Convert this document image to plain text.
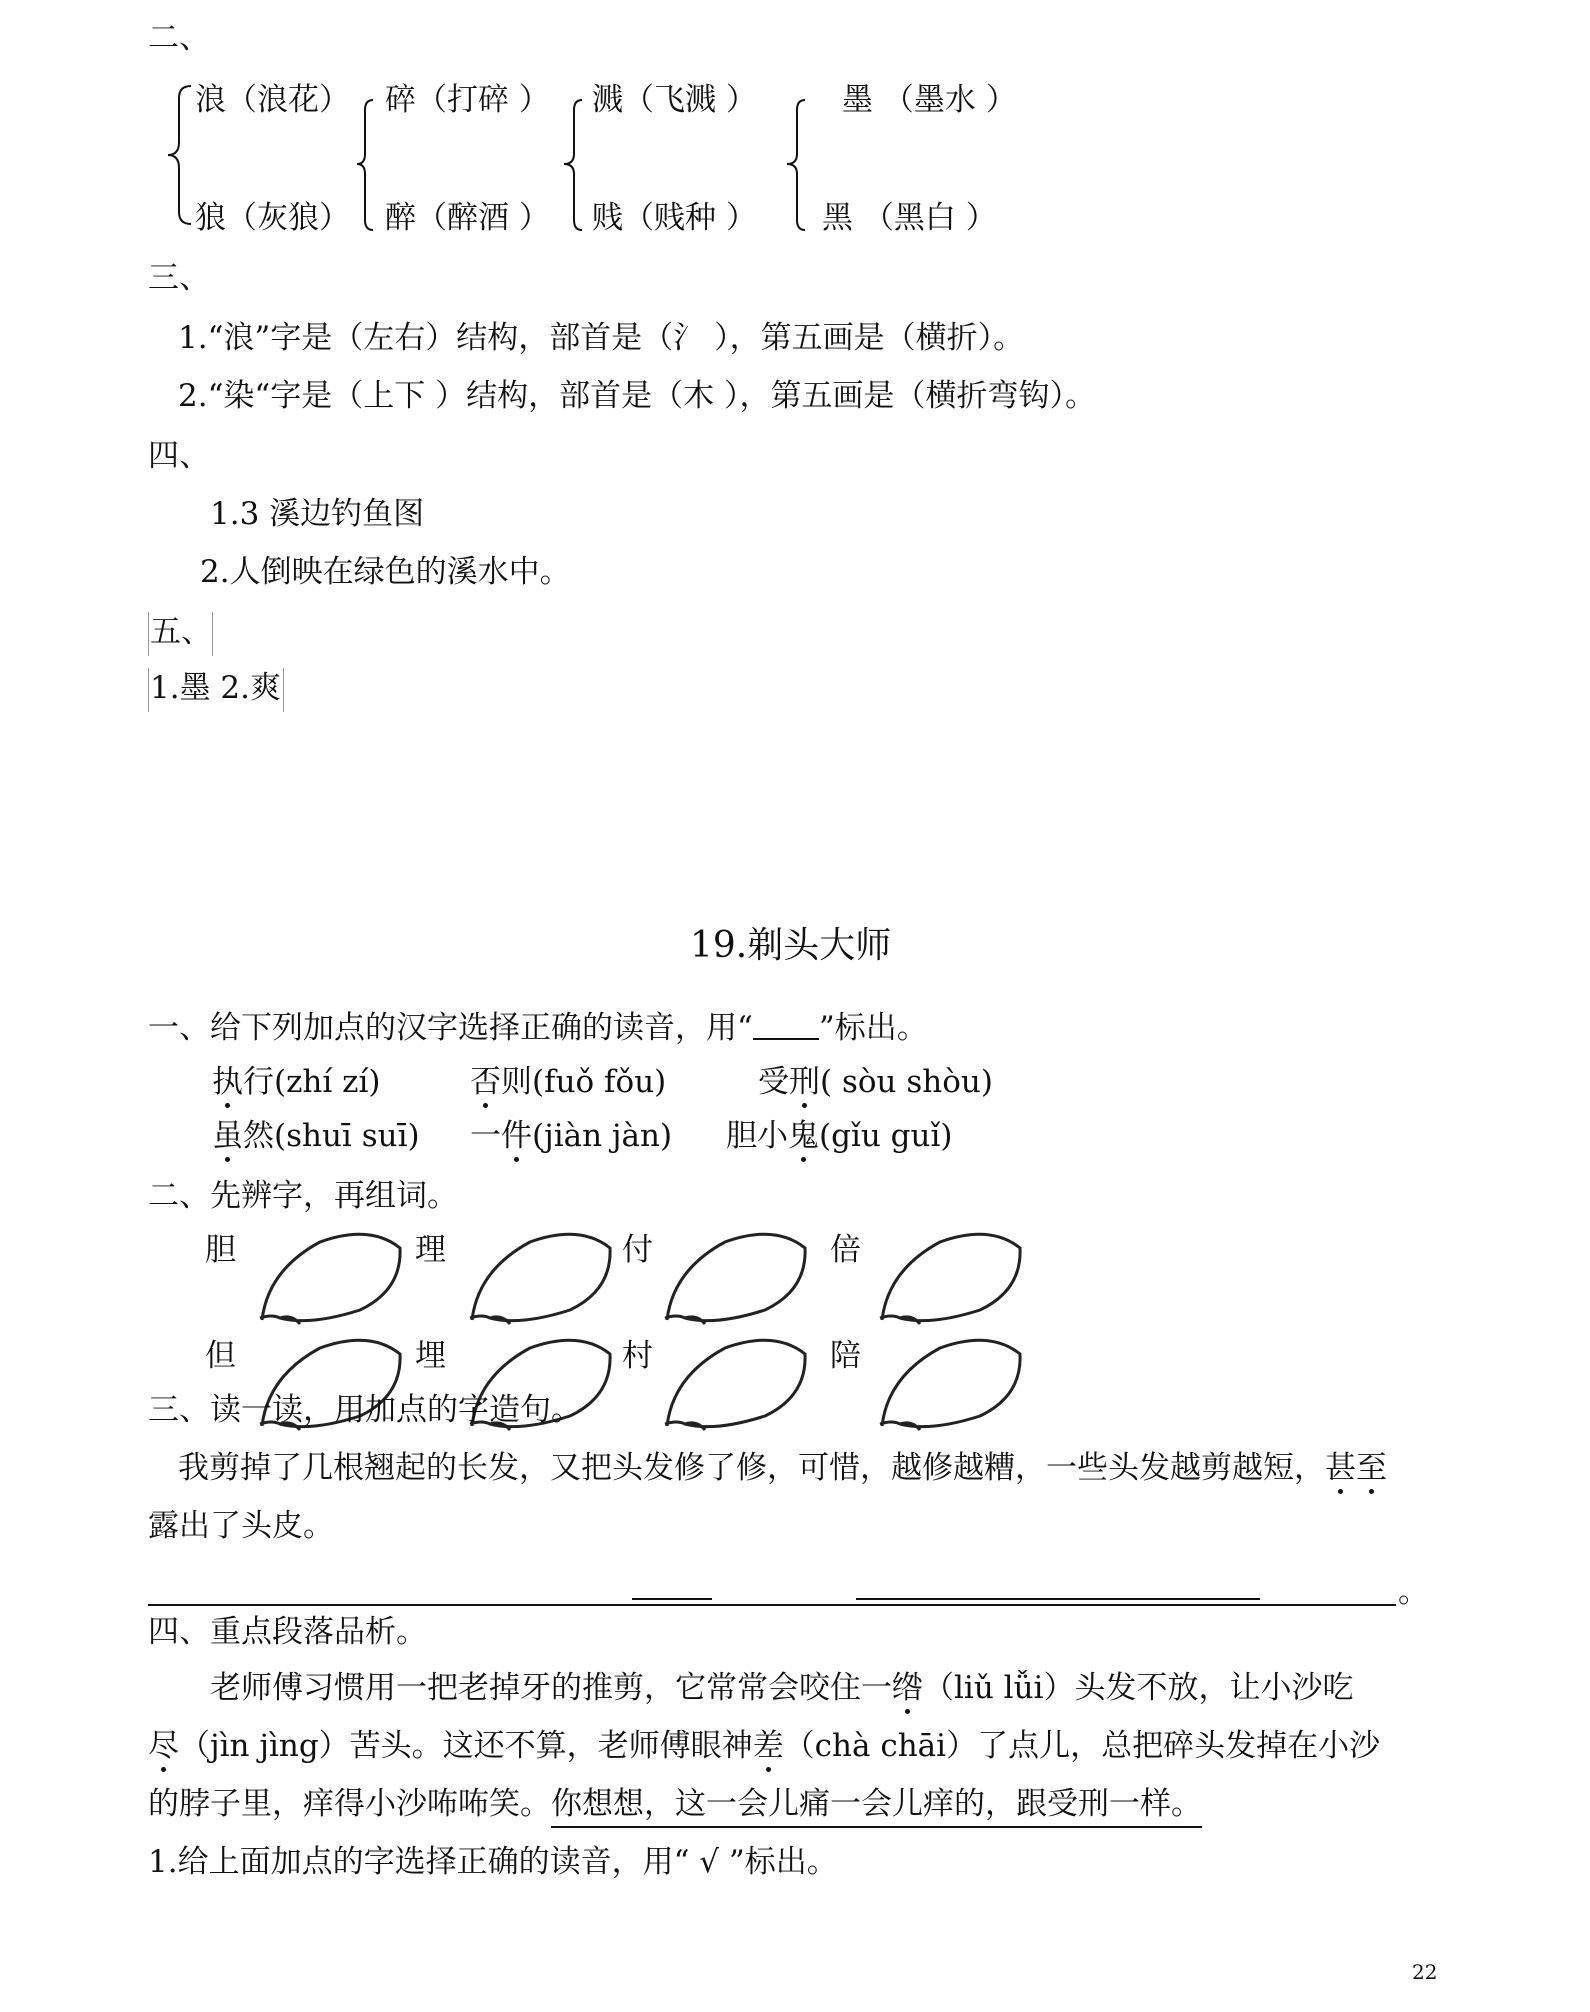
二、
浪（浪花）
狼（灰狼）
碎（打碎 ）
醉（醉酒 ）
溅（飞溅 ）
贱（贱种 ）
墨 （墨水 ）
黑 （黑白 ）
三、
1.“浪”字是（左右）结构，部首是（氵 ），第五画是（横折）。
2.“染“字是（上下 ）结构，部首是（木 ），第五画是（横折弯钩）。
四、
1.3 溪边钓鱼图
2.人倒映在绿色的溪水中。
五、
1.墨 2.爽
19.剃头大师
一、给下列加点的汉字选择正确的读音，用“ ”标出。
执行(zhí zí)	否则(fuǒ fǒu)	受刑( sòu shòu)
虽然(shuī suī) 一件(jiàn jàn) 胆小鬼(gǐu guǐ)
二、先辨字，再组词。
胆	理	付	倍
但	埋	村	陪
三、读一读，用加点的字造句。
我剪掉了几根翘起的长发，又把头发修了修，可惜，越修越糟，一些头发越剪越短，甚至
露出了头皮。
。
四、重点段落品析。
老师傅习惯用一把老掉牙的推剪，它常常会咬住一绺（liǔ lǚi）头发不放，让小沙吃
尽（jìn jìng）苦头。这还不算，老师傅眼神差（chà chāi）了点儿，总把碎头发掉在小沙
的脖子里，痒得小沙咘咘笑。你想想，这一会儿痛一会儿痒的，跟受刑一样。
1.给上面加点的字选择正确的读音，用“ √ ”标出。
22
